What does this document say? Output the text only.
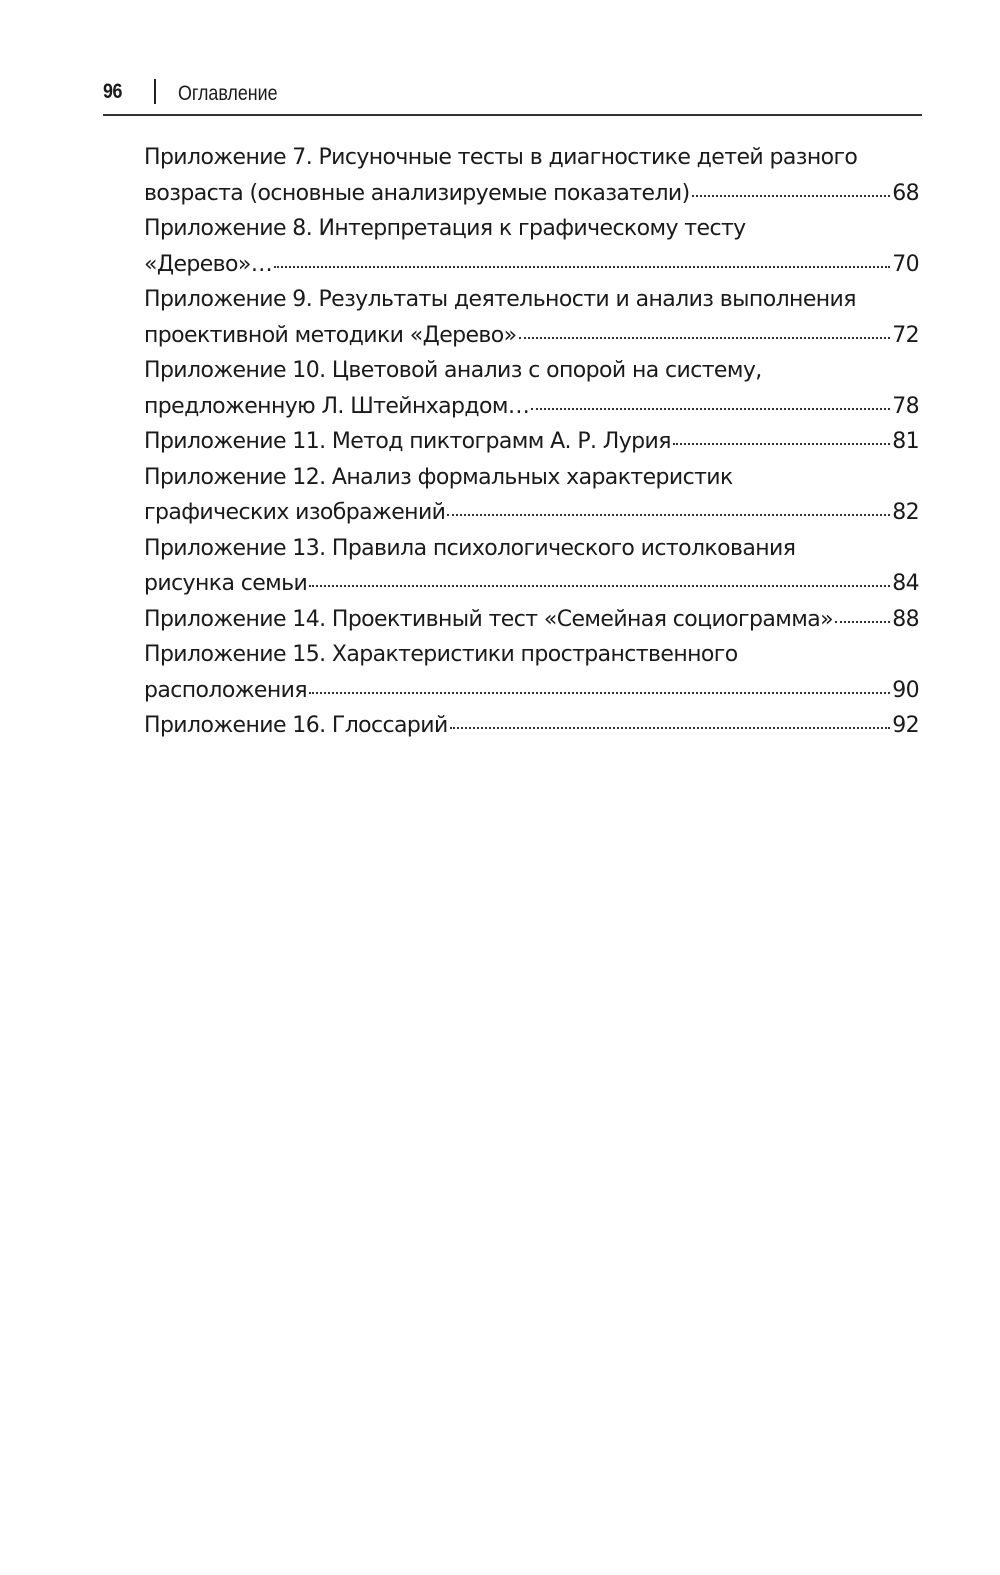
96	Оглавление
Приложение 7. Рисуночные тесты в диагностике детей разного
возраста (основные анализируемые показатели)	68
Приложение 8. Интерпретация к графическому тесту
«Дерево»…	70
Приложение 9. Результаты деятельности и анализ выполнения
проективной методики «Дерево»	72
Приложение 10. Цветовой анализ с опорой на систему,
предложенную Л. Штейнхардом…	78
Приложение 11. Метод пиктограмм А. Р. Лурия	81
Приложение 12. Анализ формальных характеристик
графических изображений	82
Приложение 13. Правила психологического истолкования
рисунка семьи	84
Приложение 14. Проективный тест «Семейная социограмма»	88
Приложение 15. Характеристики пространственного
расположения	90
Приложение 16. Глоссарий	92
